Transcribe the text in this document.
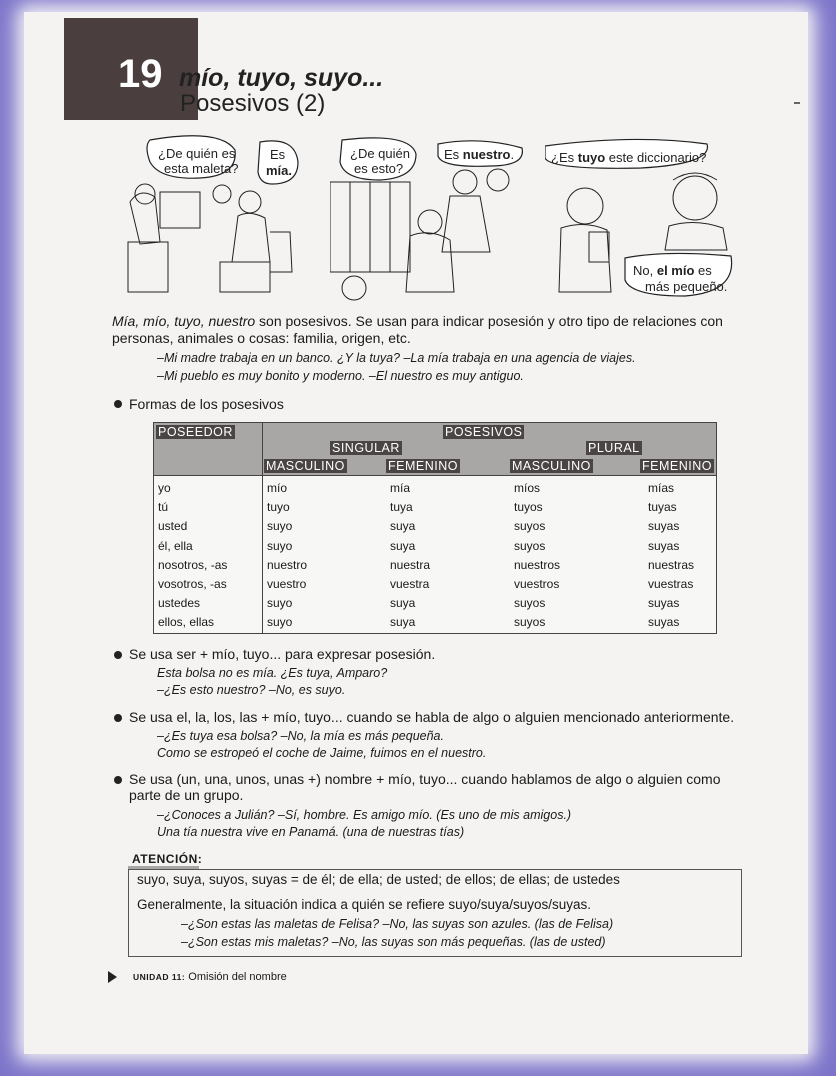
19 mío, tuyo, suyo...
Posesivos (2)
¿De quién es
esta maleta?
Es
mía.
¿De quién
es esto?
Es nuestro.	¿Es tuyo este diccionario?
No, el mío es
más pequeño.
Mía, mío, tuyo, nuestro son posesivos. Se usan para indicar posesión y otro tipo de relaciones con personas, animales o cosas: familia, origen, etc.
–Mi madre trabaja en un banco. ¿Y la tuya? –La mía trabaja en una agencia de viajes.
–Mi pueblo es muy bonito y moderno. –El nuestro es muy antiguo.
Formas de los posesivos
POSEEDOR	POSESIVOS
SINGULAR	PLURAL
MASCULINO	FEMENINO	MASCULINO	FEMENINO
yo	mío	mía	míos	mías
tú	tuyo	tuya	tuyos	tuyas
usted	suyo	suya	suyos	suyas
él, ella	suyo	suya	suyos	suyas
nosotros, -as	nuestro	nuestra	nuestros	nuestras
vosotros, -as	vuestro	vuestra	vuestros	vuestras
ustedes	suyo	suya	suyos	suyas
ellos, ellas	suyo	suya	suyos	suyas
Se usa ser + mío, tuyo... para expresar posesión.
Esta bolsa no es mía. ¿Es tuya, Amparo?
–¿Es esto nuestro? –No, es suyo.
Se usa el, la, los, las + mío, tuyo... cuando se habla de algo o alguien mencionado anteriormente.
–¿Es tuya esa bolsa? –No, la mía es más pequeña.
Como se estropeó el coche de Jaime, fuimos en el nuestro.
Se usa (un, una, unos, unas +) nombre + mío, tuyo... cuando hablamos de algo o alguien como
parte de un grupo.
–¿Conoces a Julián? –Sí, hombre. Es amigo mío. (Es uno de mis amigos.)
Una tía nuestra vive en Panamá. (una de nuestras tías)
ATENCIÓN:
suyo, suya, suyos, suyas = de él; de ella; de usted; de ellos; de ellas; de ustedes
Generalmente, la situación indica a quién se refiere suyo/suya/suyos/suyas.
–¿Son estas las maletas de Felisa? –No, las suyas son azules. (las de Felisa)
–¿Son estas mis maletas? –No, las suyas son más pequeñas. (las de usted)
UNIDAD 11: Omisión del nombre
